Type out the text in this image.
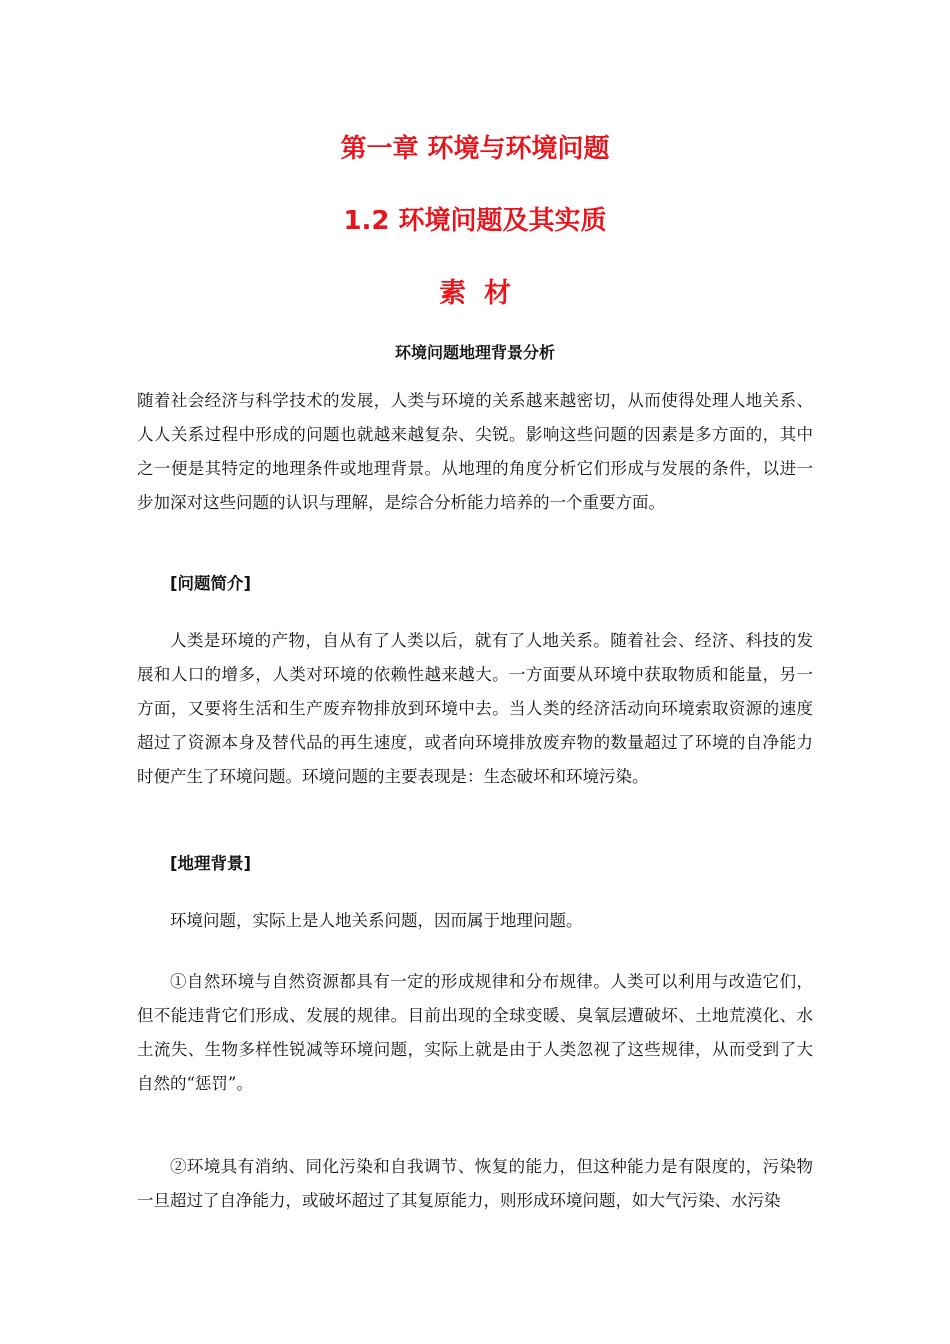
第一章 环境与环境问题
1.2 环境问题及其实质
素材
环境问题地理背景分析

随着社会经济与科学技术的发展，人类与环境的关系越来越密切，从而使得处理人地关系、人人关系过程中形成的问题也就越来越复杂、尖锐。影响这些问题的因素是多方面的，其中之一便是其特定的地理条件或地理背景。从地理的角度分析它们形成与发展的条件，以进一步加深对这些问题的认识与理解，是综合分析能力培养的一个重要方面。

[问题简介]

人类是环境的产物，自从有了人类以后，就有了人地关系。随着社会、经济、科技的发展和人口的增多，人类对环境的依赖性越来越大。一方面要从环境中获取物质和能量，另一方面，又要将生活和生产废弃物排放到环境中去。当人类的经济活动向环境索取资源的速度超过了资源本身及替代品的再生速度，或者向环境排放废弃物的数量超过了环境的自净能力时便产生了环境问题。环境问题的主要表现是：生态破坏和环境污染。

[地理背景]

环境问题，实际上是人地关系问题，因而属于地理问题。

①自然环境与自然资源都具有一定的形成规律和分布规律。人类可以利用与改造它们，但不能违背它们形成、发展的规律。目前出现的全球变暖、臭氧层遭破坏、土地荒漠化、水土流失、生物多样性锐减等环境问题，实际上就是由于人类忽视了这些规律，从而受到了大自然的“惩罚”。

②环境具有消纳、同化污染和自我调节、恢复的能力，但这种能力是有限度的，污染物一旦超过了自净能力，或破坏超过了其复原能力，则形成环境问题，如大气污染、水污染
